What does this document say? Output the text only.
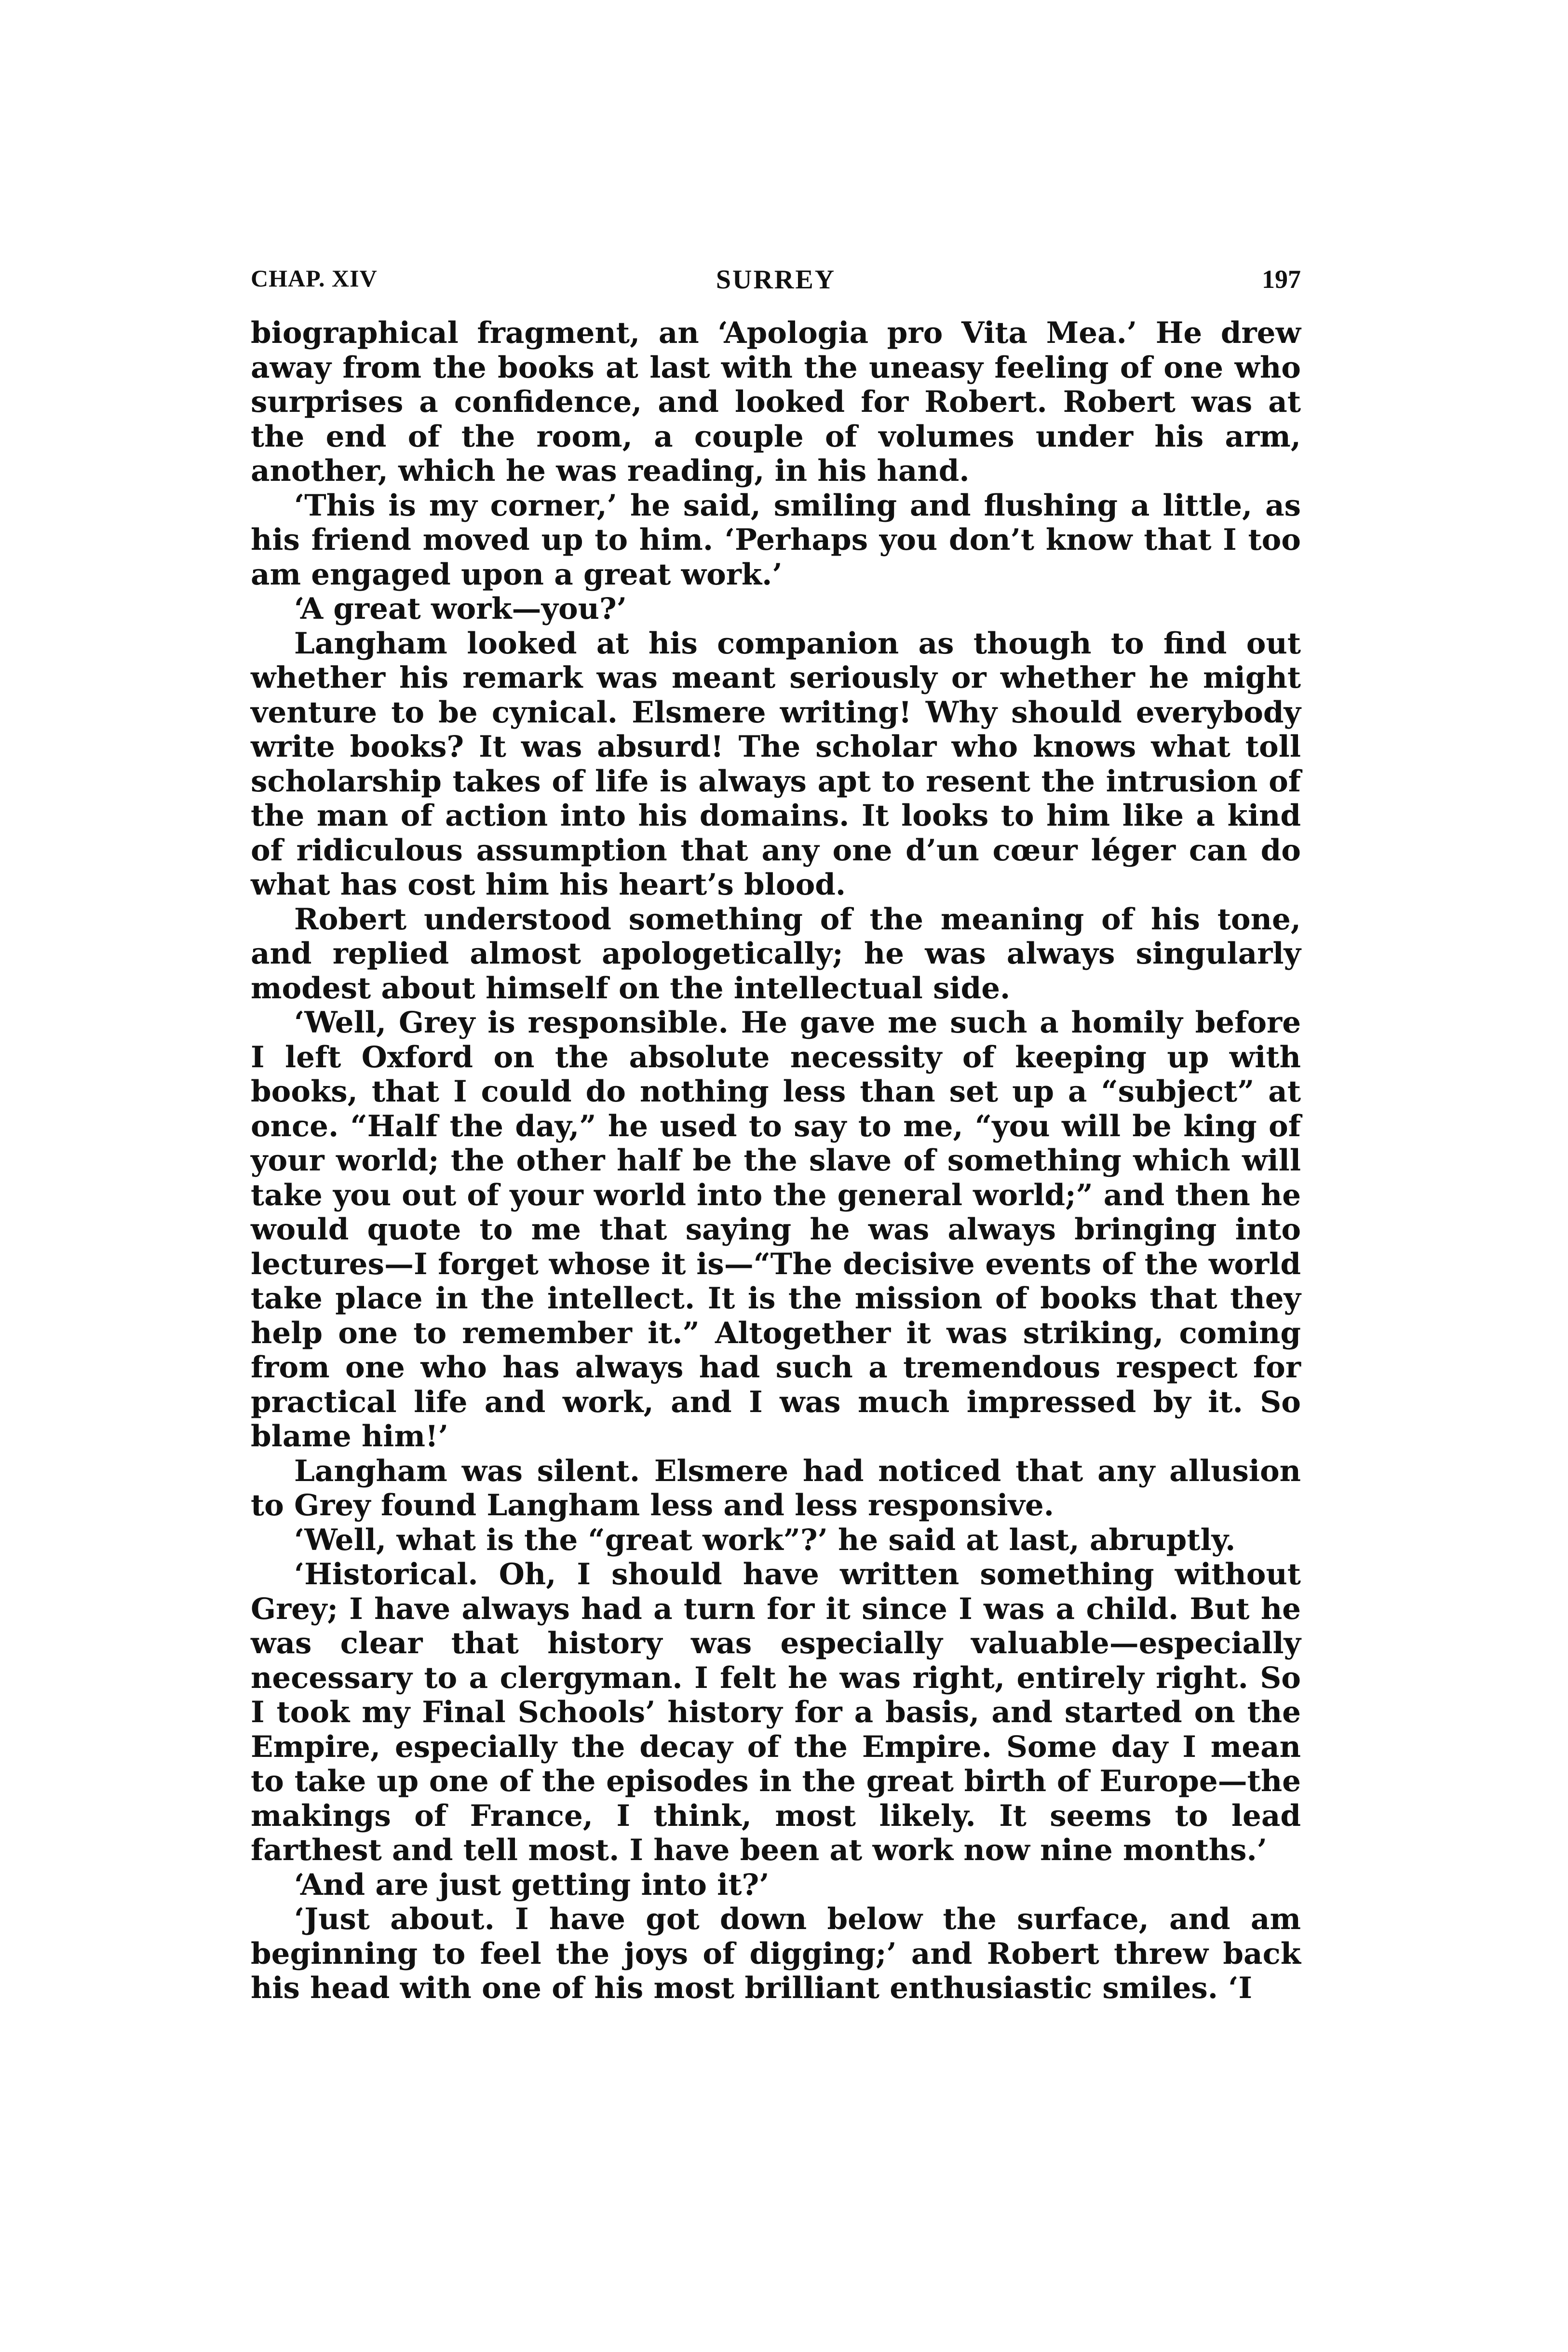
CHAP. XIV	SURREY	197

biographical fragment, an ‘Apologia pro Vita Mea.’ He drew away from the books at last with the uneasy feeling of one who surprises a confidence, and looked for Robert. Robert was at the end of the room, a couple of volumes under his arm, another, which he was reading, in his hand.

‘This is my corner,’ he said, smiling and flushing a little, as his friend moved up to him. ‘Perhaps you don’t know that I too am engaged upon a great work.’

‘A great work—you?’

Langham looked at his companion as though to find out whether his remark was meant seriously or whether he might venture to be cynical. Elsmere writing! Why should everybody write books? It was absurd! The scholar who knows what toll scholarship takes of life is always apt to resent the intrusion of the man of action into his domains. It looks to him like a kind of ridiculous assumption that any one d’un cœur léger can do what has cost him his heart’s blood.

Robert understood something of the meaning of his tone, and replied almost apologetically; he was always singularly modest about himself on the intellectual side.

‘Well, Grey is responsible. He gave me such a homily before I left Oxford on the absolute necessity of keeping up with books, that I could do nothing less than set up a “subject” at once. “Half the day,” he used to say to me, “you will be king of your world; the other half be the slave of something which will take you out of your world into the general world;” and then he would quote to me that saying he was always bringing into lectures—I forget whose it is—“The decisive events of the world take place in the intellect. It is the mission of books that they help one to remember it.” Altogether it was striking, coming from one who has always had such a tremendous respect for practical life and work, and I was much impressed by it. So blame him!’

Langham was silent. Elsmere had noticed that any allusion to Grey found Langham less and less responsive.

‘Well, what is the “great work”?’ he said at last, abruptly.

‘Historical. Oh, I should have written something without Grey; I have always had a turn for it since I was a child. But he was clear that history was especially valuable—especially necessary to a clergyman. I felt he was right, entirely right. So I took my Final Schools’ history for a basis, and started on the Empire, especially the decay of the Empire. Some day I mean to take up one of the episodes in the great birth of Europe—the makings of France, I think, most likely. It seems to lead farthest and tell most. I have been at work now nine months.’

‘And are just getting into it?’

‘Just about. I have got down below the surface, and am beginning to feel the joys of digging;’ and Robert threw back his head with one of his most brilliant enthusiastic smiles. ‘I
